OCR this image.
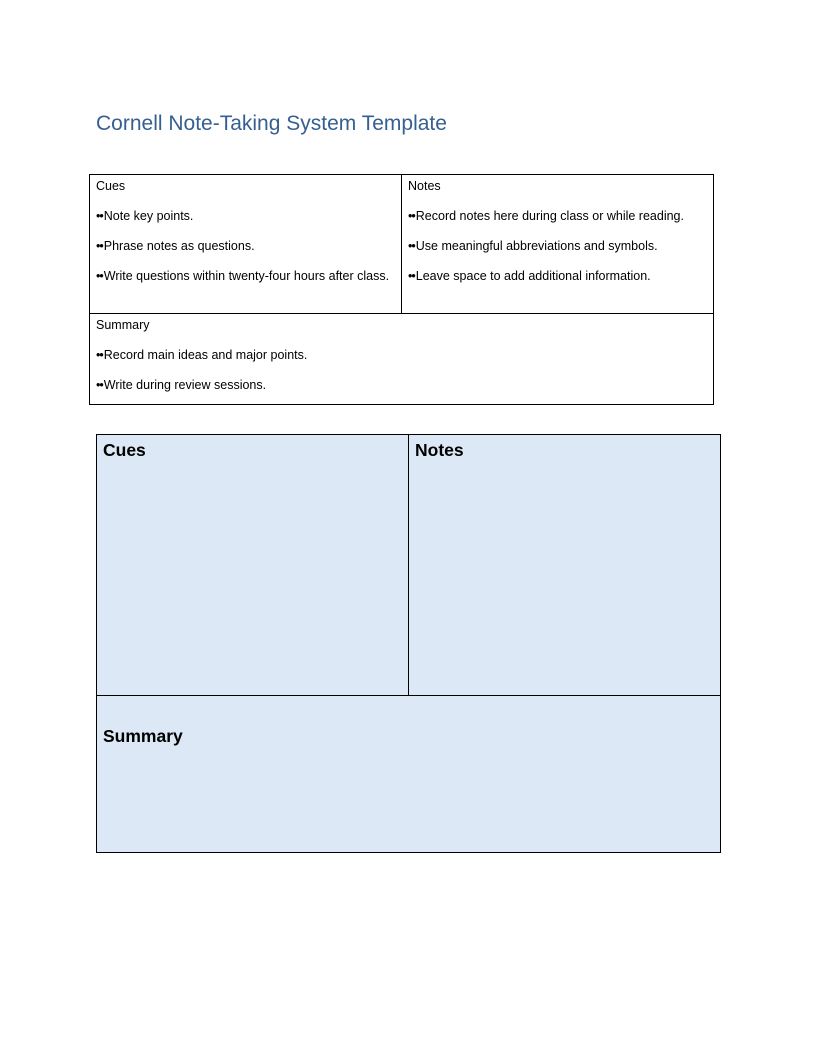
Cornell Note-Taking System Template

Cues

••Note key points.
••Phrase notes as questions.
••Write questions within twenty-four hours after class.

Notes

••Record notes here during class or while reading.
••Use meaningful abbreviations and symbols.
••Leave space to add additional information.

Summary

••Record main ideas and major points.
••Write during review sessions.

Cues	Notes

Summary
